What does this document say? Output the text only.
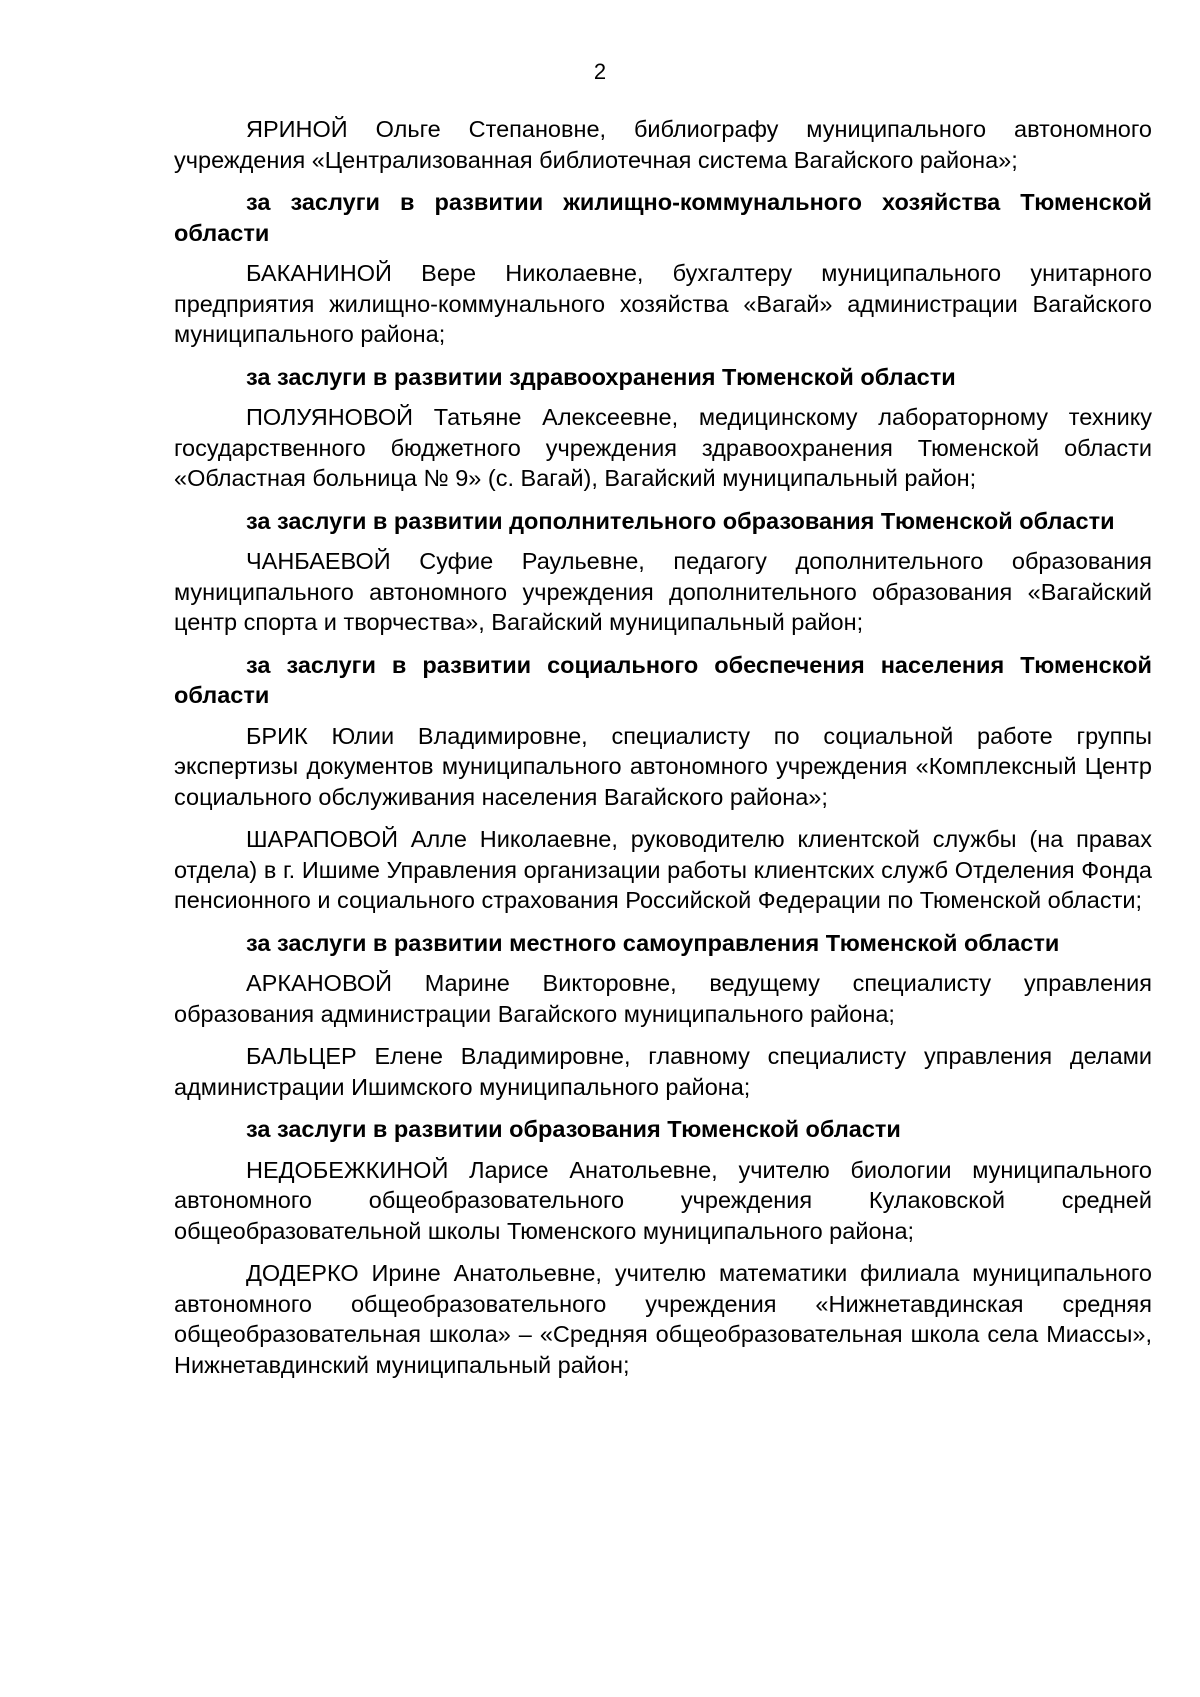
2

ЯРИНОЙ Ольге Степановне, библиографу муниципального автономного учреждения «Централизованная библиотечная система Вагайского района»;

за заслуги в развитии жилищно-коммунального хозяйства Тюменской области

БАКАНИНОЙ Вере Николаевне, бухгалтеру муниципального унитарного предприятия жилищно-коммунального хозяйства «Вагай» администрации Вагайского муниципального района;

за заслуги в развитии здравоохранения Тюменской области

ПОЛУЯНОВОЙ Татьяне Алексеевне, медицинскому лабораторному технику государственного бюджетного учреждения здравоохранения Тюменской области «Областная больница № 9» (с. Вагай), Вагайский муниципальный район;

за заслуги в развитии дополнительного образования Тюменской области

ЧАНБАЕВОЙ Суфие Раульевне, педагогу дополнительного образования муниципального автономного учреждения дополнительного образования «Вагайский центр спорта и творчества», Вагайский муниципальный район;

за заслуги в развитии социального обеспечения населения Тюменской области

БРИК Юлии Владимировне, специалисту по социальной работе группы экспертизы документов муниципального автономного учреждения «Комплексный Центр социального обслуживания населения Вагайского района»;

ШАРАПОВОЙ Алле Николаевне, руководителю клиентской службы (на правах отдела) в г. Ишиме Управления организации работы клиентских служб Отделения Фонда пенсионного и социального страхования Российской Федерации по Тюменской области;

за заслуги в развитии местного самоуправления Тюменской области

АРКАНОВОЙ Марине Викторовне, ведущему специалисту управления образования администрации Вагайского муниципального района;

БАЛЬЦЕР Елене Владимировне, главному специалисту управления делами администрации Ишимского муниципального района;

за заслуги в развитии образования Тюменской области

НЕДОБЕЖКИНОЙ Ларисе Анатольевне, учителю биологии муниципального автономного общеобразовательного учреждения Кулаковской средней общеобразовательной школы Тюменского муниципального района;

ДОДЕРКО Ирине Анатольевне, учителю математики филиала муниципального автономного общеобразовательного учреждения «Нижнетавдинская средняя общеобразовательная школа» – «Средняя общеобразовательная школа села Миассы», Нижнетавдинский муниципальный район;
